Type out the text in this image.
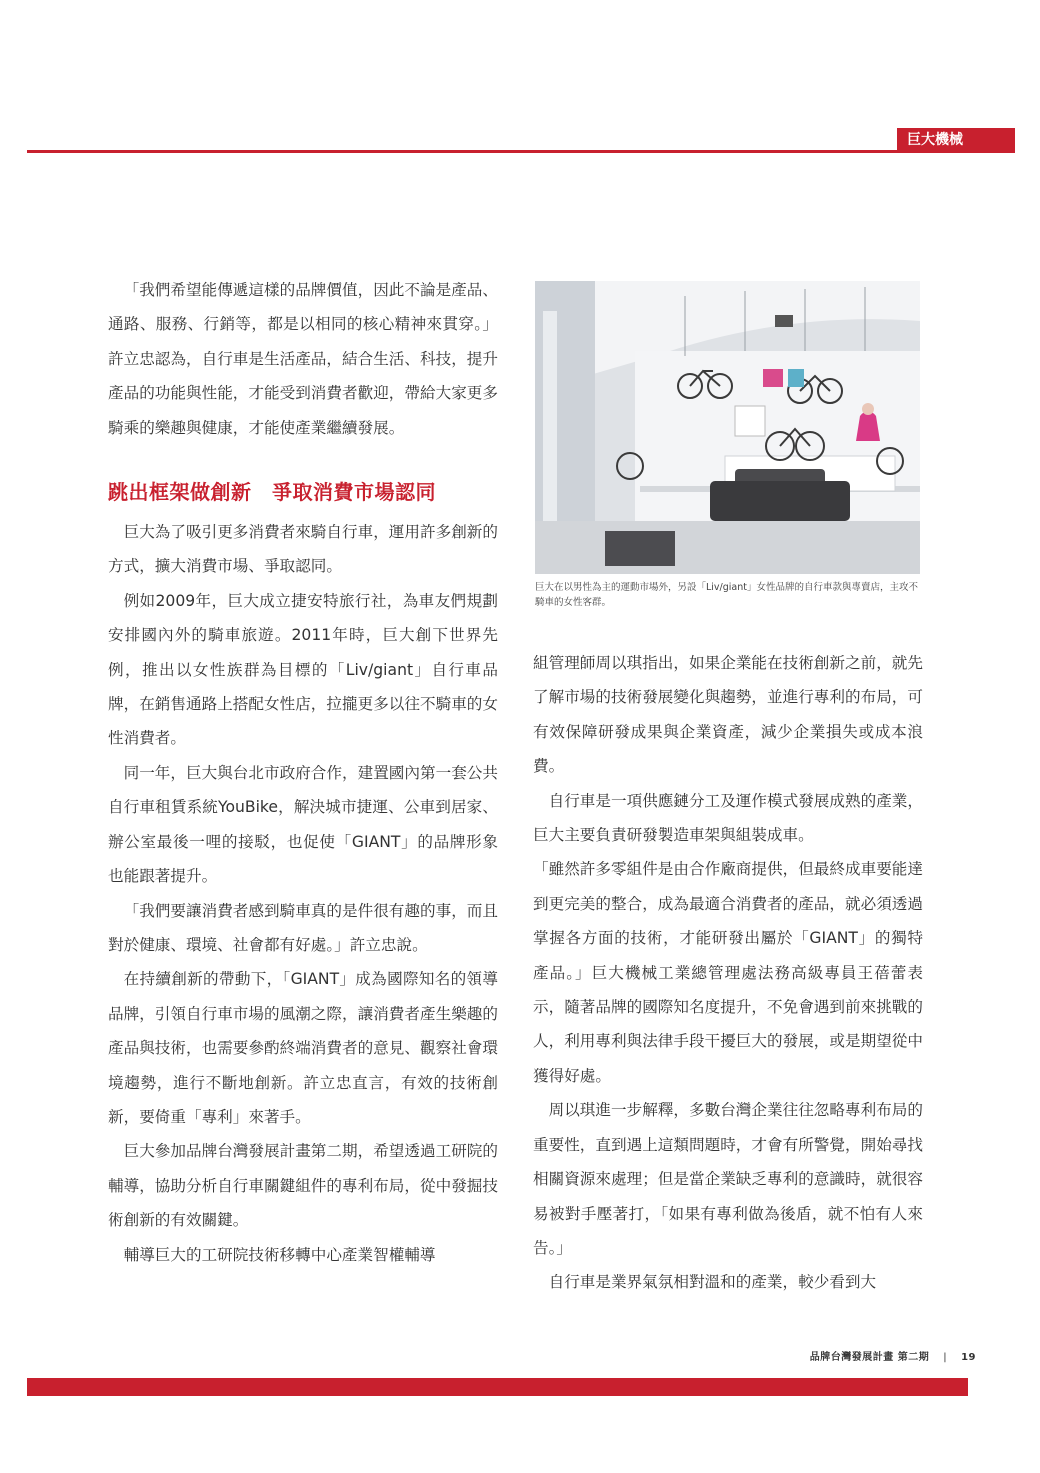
巨大機械

「我們希望能傳遞這樣的品牌價值，因此不論是產品、通路、服務、行銷等，都是以相同的核心精神來貫穿。」許立忠認為，自行車是生活產品，結合生活、科技，提升產品的功能與性能，才能受到消費者歡迎，帶給大家更多騎乘的樂趣與健康，才能使產業繼續發展。

跳出框架做創新　爭取消費市場認同

巨大為了吸引更多消費者來騎自行車，運用許多創新的方式，擴大消費市場、爭取認同。

例如2009年，巨大成立捷安特旅行社，為車友們規劃安排國內外的騎車旅遊。2011年時，巨大創下世界先例，推出以女性族群為目標的「Liv/giant」自行車品牌，在銷售通路上搭配女性店，拉攏更多以往不騎車的女性消費者。

同一年，巨大與台北市政府合作，建置國內第一套公共自行車租賃系統YouBike，解決城市捷運、公車到居家、辦公室最後一哩的接駁，也促使「GIANT」的品牌形象也能跟著提升。

「我們要讓消費者感到騎車真的是件很有趣的事，而且對於健康、環境、社會都有好處。」許立忠說。

在持續創新的帶動下，「GIANT」成為國際知名的領導品牌，引領自行車市場的風潮之際，讓消費者產生樂趣的產品與技術，也需要參酌終端消費者的意見、觀察社會環境趨勢，進行不斷地創新。許立忠直言，有效的技術創新，要倚重「專利」來著手。

巨大參加品牌台灣發展計畫第二期，希望透過工研院的輔導，協助分析自行車關鍵組件的專利布局，從中發掘技術創新的有效關鍵。

輔導巨大的工研院技術移轉中心產業智權輔導

巨大在以男性為主的運動市場外，另設「Liv/giant」女性品牌的自行車款與專賣店，主攻不騎車的女性客群。

組管理師周以琪指出，如果企業能在技術創新之前，就先了解市場的技術發展變化與趨勢，並進行專利的布局，可有效保障研發成果與企業資產，減少企業損失或成本浪費。

自行車是一項供應鏈分工及運作模式發展成熟的產業，巨大主要負責研發製造車架與組裝成車。

「雖然許多零組件是由合作廠商提供，但最終成車要能達到更完美的整合，成為最適合消費者的產品，就必須透過掌握各方面的技術，才能研發出屬於「GIANT」的獨特產品。」巨大機械工業總管理處法務高級專員王蓓蕾表示，隨著品牌的國際知名度提升，不免會遇到前來挑戰的人，利用專利與法律手段干擾巨大的發展，或是期望從中獲得好處。

周以琪進一步解釋，多數台灣企業往往忽略專利布局的重要性，直到遇上這類問題時，才會有所警覺，開始尋找相關資源來處理；但是當企業缺乏專利的意識時，就很容易被對手壓著打，「如果有專利做為後盾，就不怕有人來告。」

自行車是業界氣氛相對溫和的產業，較少看到大

品牌台灣發展計畫 第二期 | 19
